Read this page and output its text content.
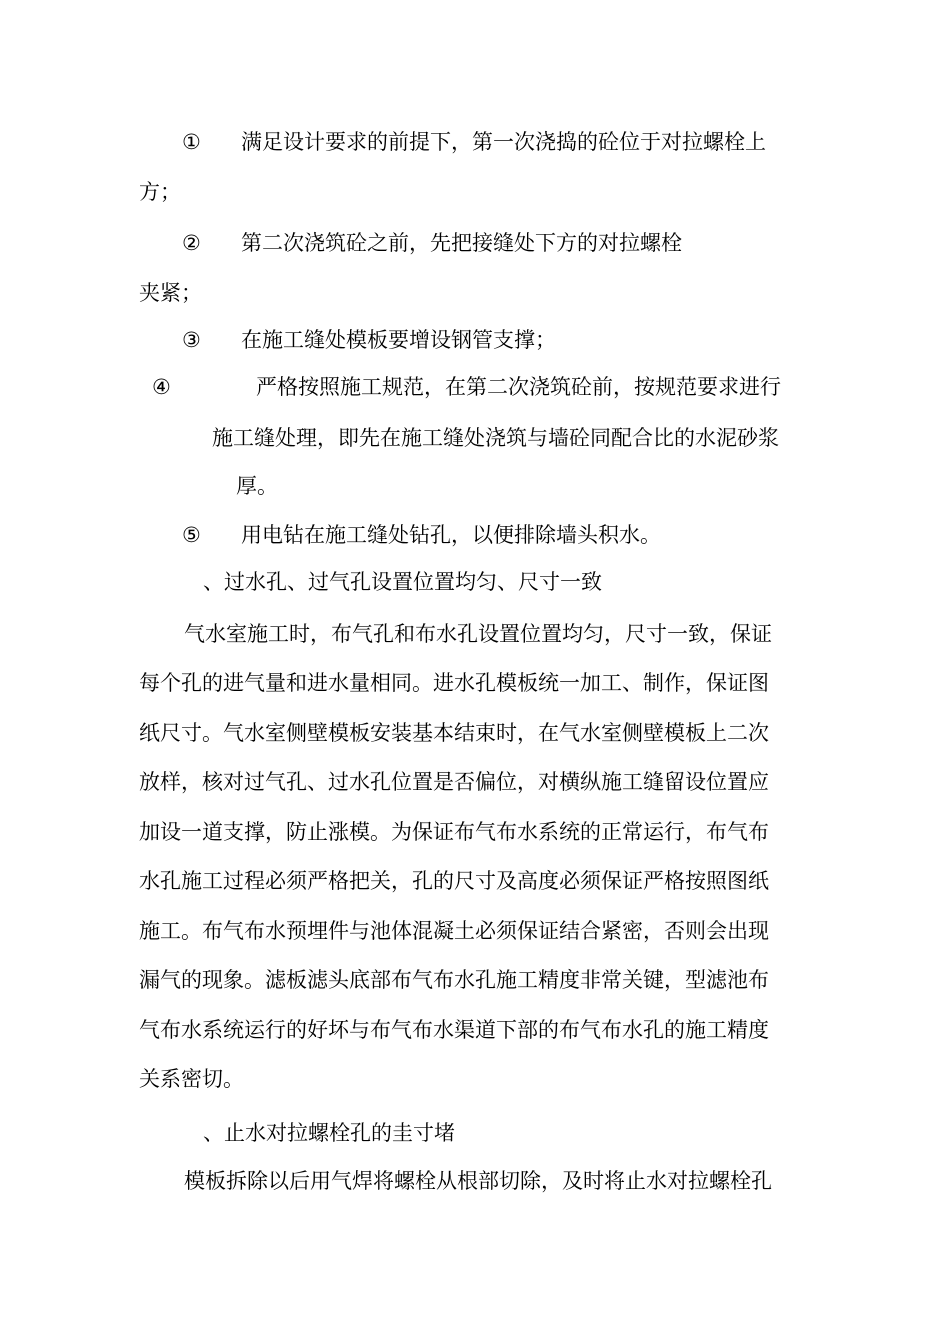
① 满足设计要求的前提下，第一次浇捣的砼位于对拉螺栓上

方；

② 第二次浇筑砼之前，先把接缝处下方的对拉螺栓

夹紧；

③ 在施工缝处模板要增设钢管支撑；

④	严格按照施工规范，在第二次浇筑砼前，按规范要求进行

施工缝处理，即先在施工缝处浇筑与墙砼同配合比的水泥砂浆

厚。

⑤ 用电钻在施工缝处钻孔，以便排除墙头积水。

、过水孔、过气孔设置位置均匀、尺寸一致

气水室施工时，布气孔和布水孔设置位置均匀，尺寸一致，保证

每个孔的进气量和进水量相同。进水孔模板统一加工、制作，保证图

纸尺寸。气水室侧壁模板安装基本结束时，在气水室侧壁模板上二次

放样，核对过气孔、过水孔位置是否偏位，对横纵施工缝留设位置应

加设一道支撑，防止涨模。为保证布气布水系统的正常运行，布气布

水孔施工过程必须严格把关，孔的尺寸及高度必须保证严格按照图纸

施工。布气布水预埋件与池体混凝土必须保证结合紧密，否则会出现

漏气的现象。滤板滤头底部布气布水孔施工精度非常关键，型滤池布

气布水系统运行的好坏与布气布水渠道下部的布气布水孔的施工精度

关系密切。

、止水对拉螺栓孔的圭寸堵

模板拆除以后用气焊将螺栓从根部切除，及时将止水对拉螺栓孔
